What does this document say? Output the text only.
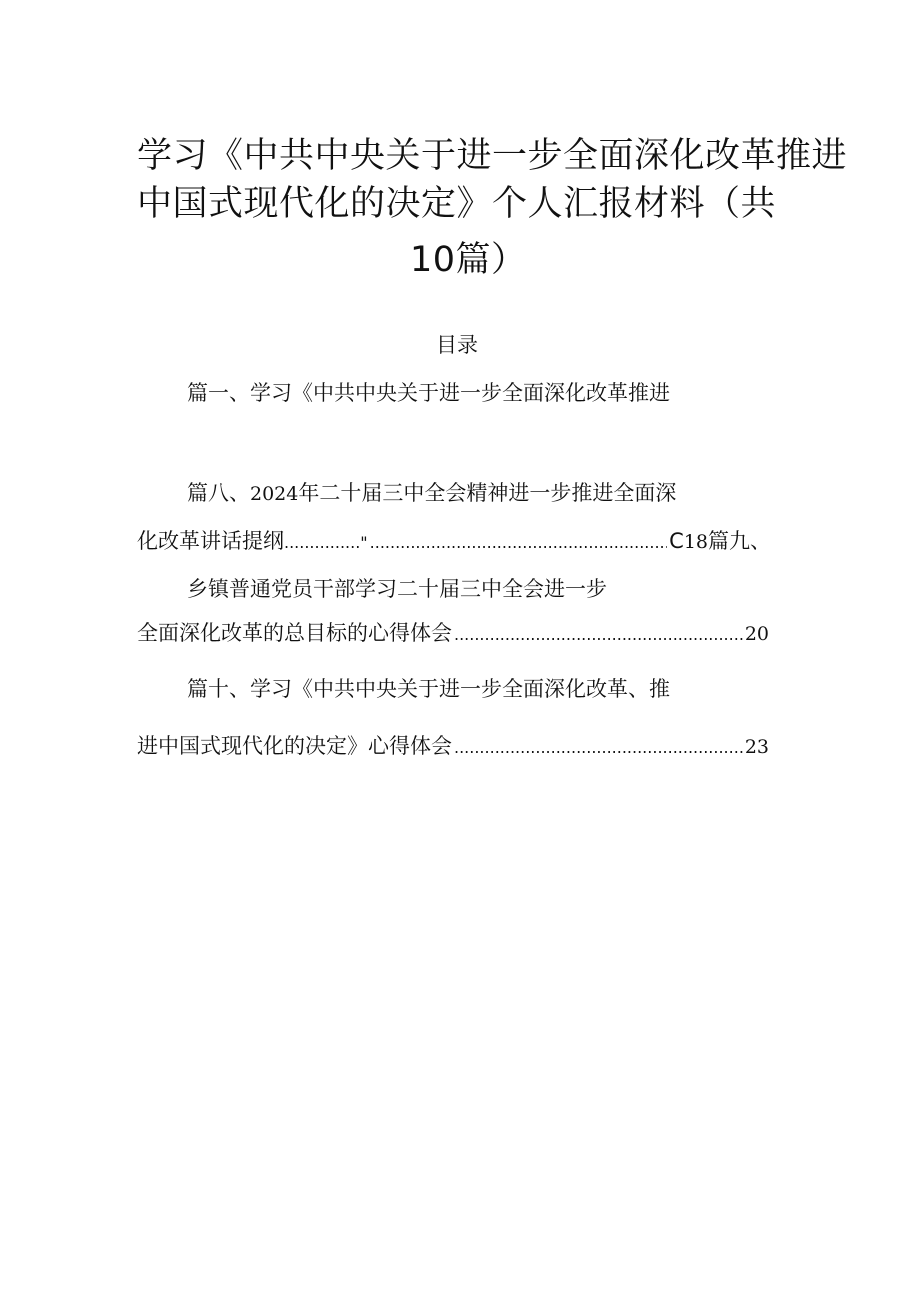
学习《中共中央关于进一步全面深化改革推进
中国式现代化的决定》个人汇报材料（共
10篇）
目录
篇一、学习《中共中央关于进一步全面深化改革推进
篇八、2024年二十届三中全会精神进一步推进全面深
化改革讲话提纲 ..............." .....	C 18 篇九、
乡镇普通党员干部学习二十届三中全会进一步
全面深化改革的总目标的心得体会 .....	20
篇十、学习《中共中央关于进一步全面深化改革、推
进中国式现代化的决定》心得体会 .....	23
